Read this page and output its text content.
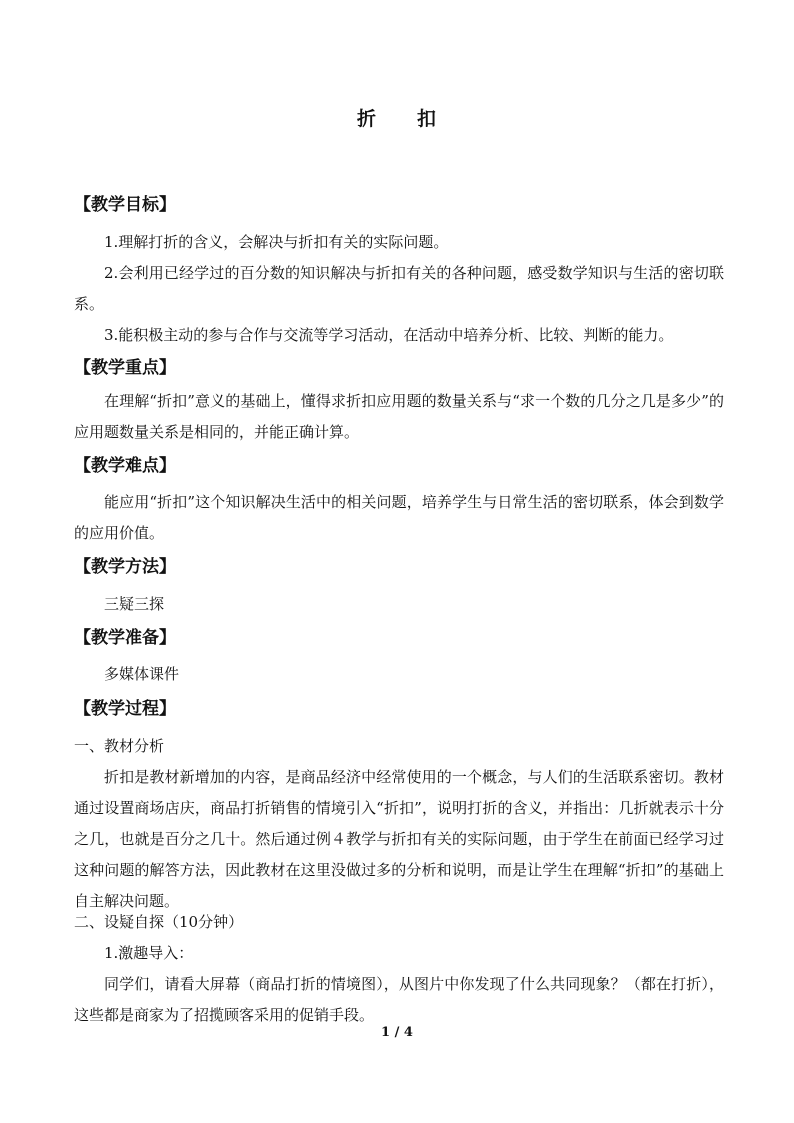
折 扣
【教学目标】
1.理解打折的含义，会解决与折扣有关的实际问题。
2.会利用已经学过的百分数的知识解决与折扣有关的各种问题，感受数学知识与生活的密切联系。
3.能积极主动的参与合作与交流等学习活动，在活动中培养分析、比较、判断的能力。
【教学重点】
在理解“折扣”意义的基础上，懂得求折扣应用题的数量关系与“求一个数的几分之几是多少”的应用题数量关系是相同的，并能正确计算。
【教学难点】
能应用“折扣”这个知识解决生活中的相关问题，培养学生与日常生活的密切联系，体会到数学的应用价值。
【教学方法】
三疑三探
【教学准备】
多媒体课件
【教学过程】
一、教材分析
折扣是教材新增加的内容，是商品经济中经常使用的一个概念，与人们的生活联系密切。教材通过设置商场店庆，商品打折销售的情境引入“折扣”，说明打折的含义，并指出：几折就表示十分之几，也就是百分之几十。然后通过例４教学与折扣有关的实际问题，由于学生在前面已经学习过这种问题的解答方法，因此教材在这里没做过多的分析和说明，而是让学生在理解“折扣”的基础上自主解决问题。
二、设疑自探（10分钟）
1.激趣导入：
同学们，请看大屏幕（商品打折的情境图），从图片中你发现了什么共同现象？（都在打折），这些都是商家为了招揽顾客采用的促销手段。
1 / 4
